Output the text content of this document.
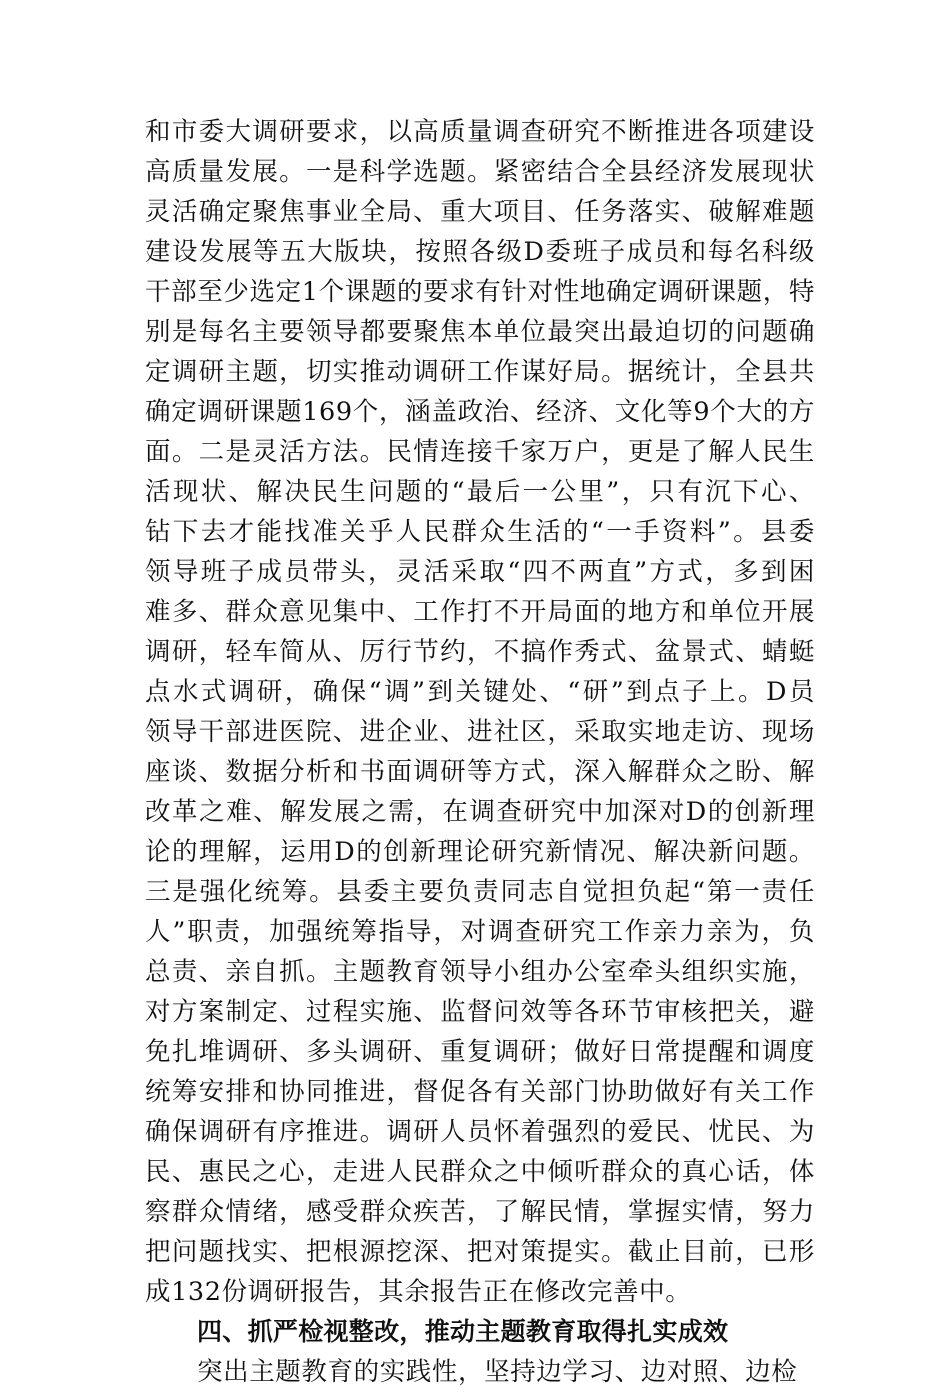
和市委大调研要求，以高质量调查研究不断推进各项建设
高质量发展。一是科学选题。紧密结合全县经济发展现状
灵活确定聚焦事业全局、重大项目、任务落实、破解难题
建设发展等五大版块，按照各级D委班子成员和每名科级
干部至少选定1个课题的要求有针对性地确定调研课题，特
别是每名主要领导都要聚焦本单位最突出最迫切的问题确
定调研主题，切实推动调研工作谋好局。据统计，全县共
确定调研课题169个，涵盖政治、经济、文化等9个大的方
面。二是灵活方法。民情连接千家万户，更是了解人民生
活现状、解决民生问题的“最后一公里”，只有沉下心、
钻下去才能找准关乎人民群众生活的“一手资料”。县委
领导班子成员带头，灵活采取“四不两直”方式，多到困
难多、群众意见集中、工作打不开局面的地方和单位开展
调研，轻车简从、厉行节约，不搞作秀式、盆景式、蜻蜓
点水式调研，确保“调”到关键处、“研”到点子上。D员
领导干部进医院、进企业、进社区，采取实地走访、现场
座谈、数据分析和书面调研等方式，深入解群众之盼、解
改革之难、解发展之需，在调查研究中加深对D的创新理
论的理解，运用D的创新理论研究新情况、解决新问题。
三是强化统筹。县委主要负责同志自觉担负起“第一责任
人”职责，加强统筹指导，对调查研究工作亲力亲为，负
总责、亲自抓。主题教育领导小组办公室牵头组织实施，
对方案制定、过程实施、监督问效等各环节审核把关，避
免扎堆调研、多头调研、重复调研；做好日常提醒和调度
统筹安排和协同推进，督促各有关部门协助做好有关工作
确保调研有序推进。调研人员怀着强烈的爱民、忧民、为
民、惠民之心，走进人民群众之中倾听群众的真心话，体
察群众情绪，感受群众疾苦，了解民情，掌握实情，努力
把问题找实、把根源挖深、把对策提实。截止目前，已形
成132份调研报告，其余报告正在修改完善中。
四、抓严检视整改，推动主题教育取得扎实成效
突出主题教育的实践性，坚持边学习、边对照、边检
